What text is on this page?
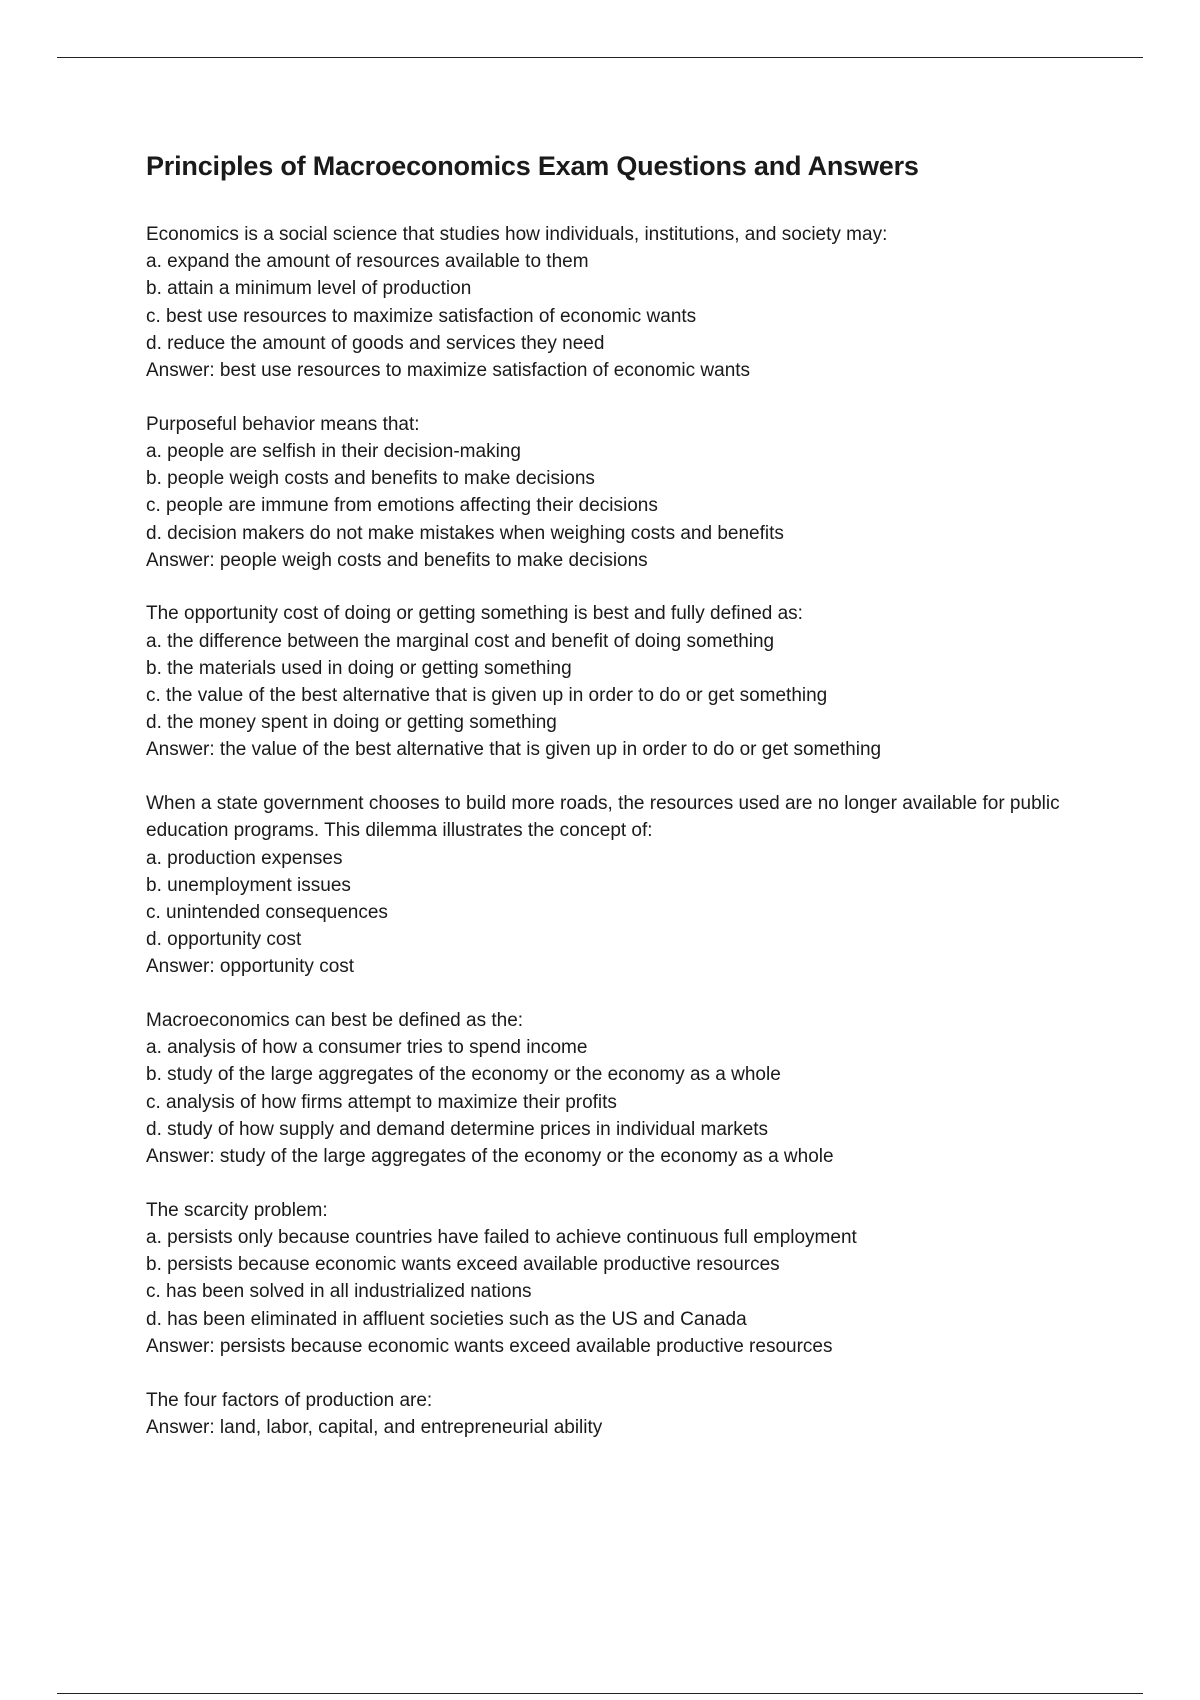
Principles of Macroeconomics Exam Questions and Answers

Economics is a social science that studies how individuals, institutions, and society may:

a. expand the amount of resources available to them

b. attain a minimum level of production

c. best use resources to maximize satisfaction of economic wants

d. reduce the amount of goods and services they need

Answer: best use resources to maximize satisfaction of economic wants

Purposeful behavior means that:

a. people are selfish in their decision-making

b. people weigh costs and benefits to make decisions

c. people are immune from emotions affecting their decisions

d. decision makers do not make mistakes when weighing costs and benefits

Answer: people weigh costs and benefits to make decisions

The opportunity cost of doing or getting something is best and fully defined as:

a. the difference between the marginal cost and benefit of doing something

b. the materials used in doing or getting something

c. the value of the best alternative that is given up in order to do or get something

d. the money spent in doing or getting something

Answer: the value of the best alternative that is given up in order to do or get something

When a state government chooses to build more roads, the resources used are no longer available for public education programs. This dilemma illustrates the concept of:

a. production expenses

b. unemployment issues

c. unintended consequences

d. opportunity cost

Answer: opportunity cost

Macroeconomics can best be defined as the:

a. analysis of how a consumer tries to spend income

b. study of the large aggregates of the economy or the economy as a whole

c. analysis of how firms attempt to maximize their profits

d. study of how supply and demand determine prices in individual markets

Answer: study of the large aggregates of the economy or the economy as a whole

The scarcity problem:

a. persists only because countries have failed to achieve continuous full employment

b. persists because economic wants exceed available productive resources

c. has been solved in all industrialized nations

d. has been eliminated in affluent societies such as the US and Canada

Answer: persists because economic wants exceed available productive resources

The four factors of production are:

Answer: land, labor, capital, and entrepreneurial ability
